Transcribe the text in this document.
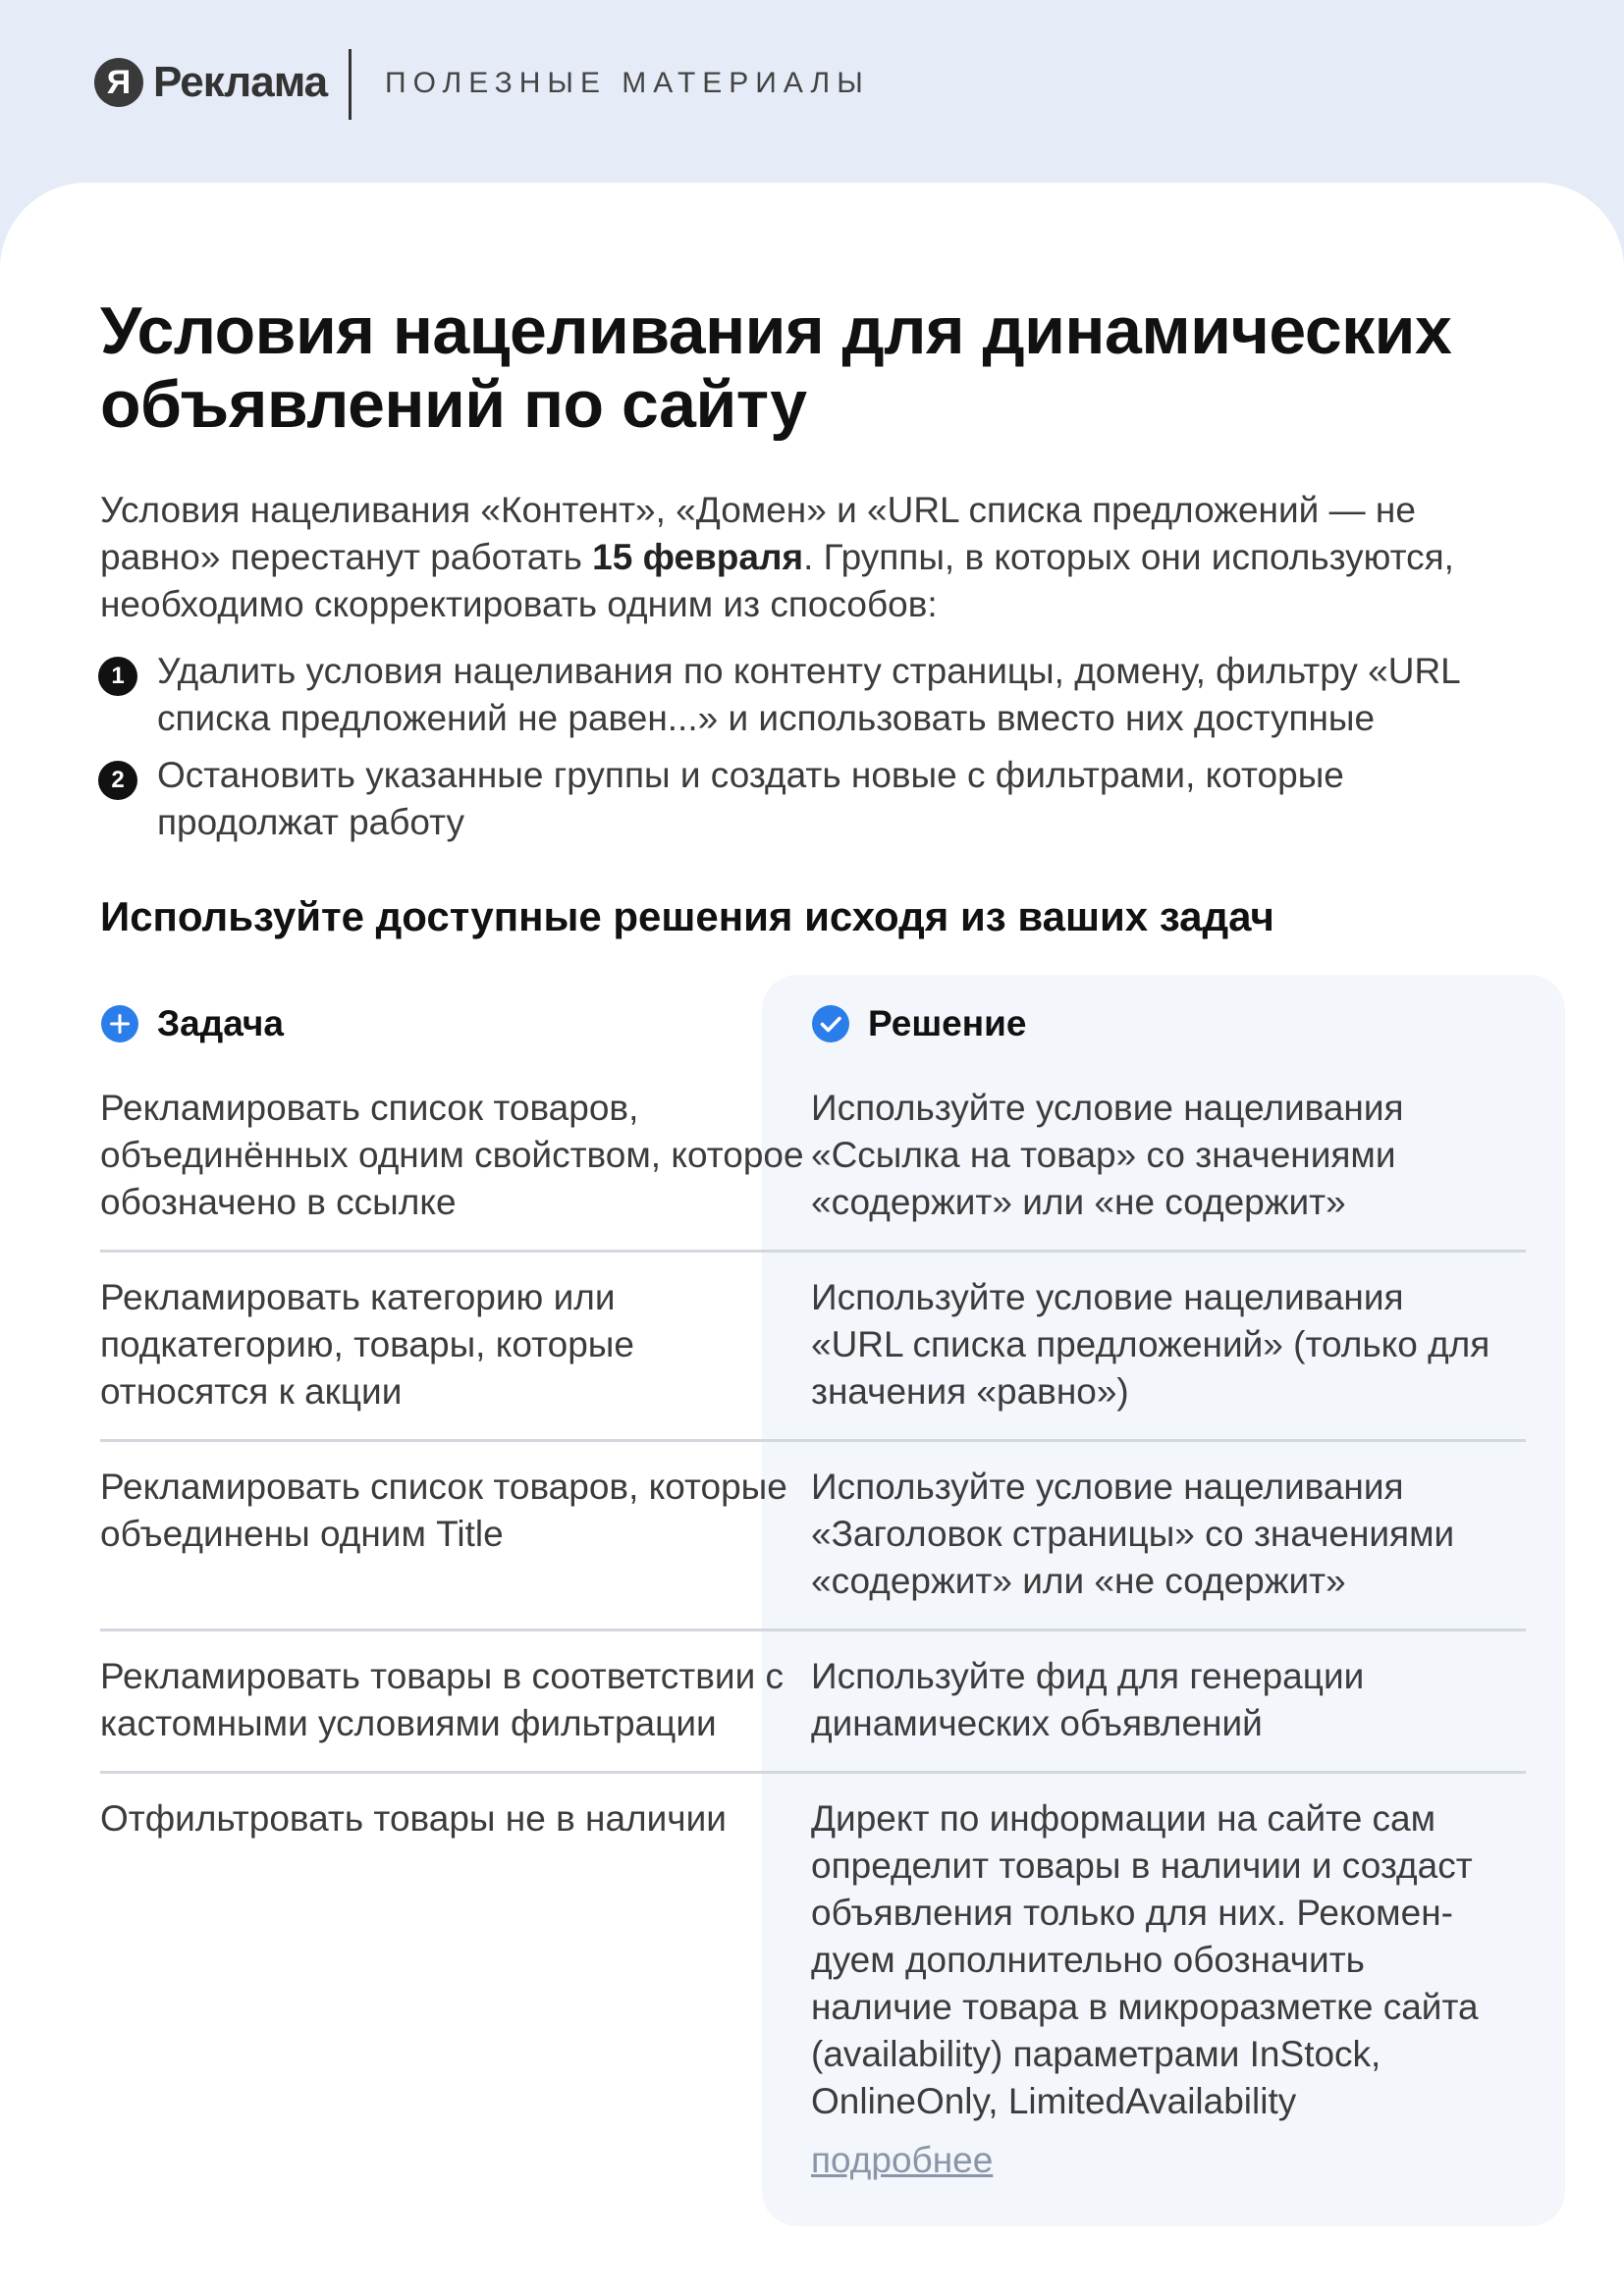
Я Реклама ПОЛЕЗНЫЕ МАТЕРИАЛЫ
Условия нацеливания для динамических объявлений по сайту
Условия нацеливания «Контент», «Домен» и «URL списка предложений — не равно» перестанут работать 15 февраля. Группы, в которых они используются, необходимо скорректировать одним из способов:
1 Удалить условия нацеливания по контенту страницы, домену, фильтру «URL списка предложений не равен...» и использовать вместо них доступные
2 Остановить указанные группы и создать новые с фильтрами, которые продолжат работу
Используйте доступные решения исходя из ваших задач
Задача	Решение
Рекламировать список товаров, объединённых одним свойством, которое обозначено в ссылке
Используйте условие нацеливания «Ссылка на товар» со значениями «содержит» или «не содержит»
Рекламировать категорию или подкатегорию, товары, которые относятся к акции
Используйте условие нацеливания «URL списка предложений» (только для значения «равно»)
Рекламировать список товаров, которые объединены одним Title
Используйте условие нацеливания «Заголовок страницы» со значениями «содержит» или «не содержит»
Рекламировать товары в соответствии с кастомными условиями фильтрации
Используйте фид для генерации динамических объявлений
Отфильтровать товары не в наличии	Директ по информации на сайте сам определит товары в наличии и создаст объявления только для них. Рекомен- дуем дополнительно обозначить наличие товара в микроразметке сайта (availability) параметрами InStock, OnlineOnly, LimitedAvailability
подробнее
